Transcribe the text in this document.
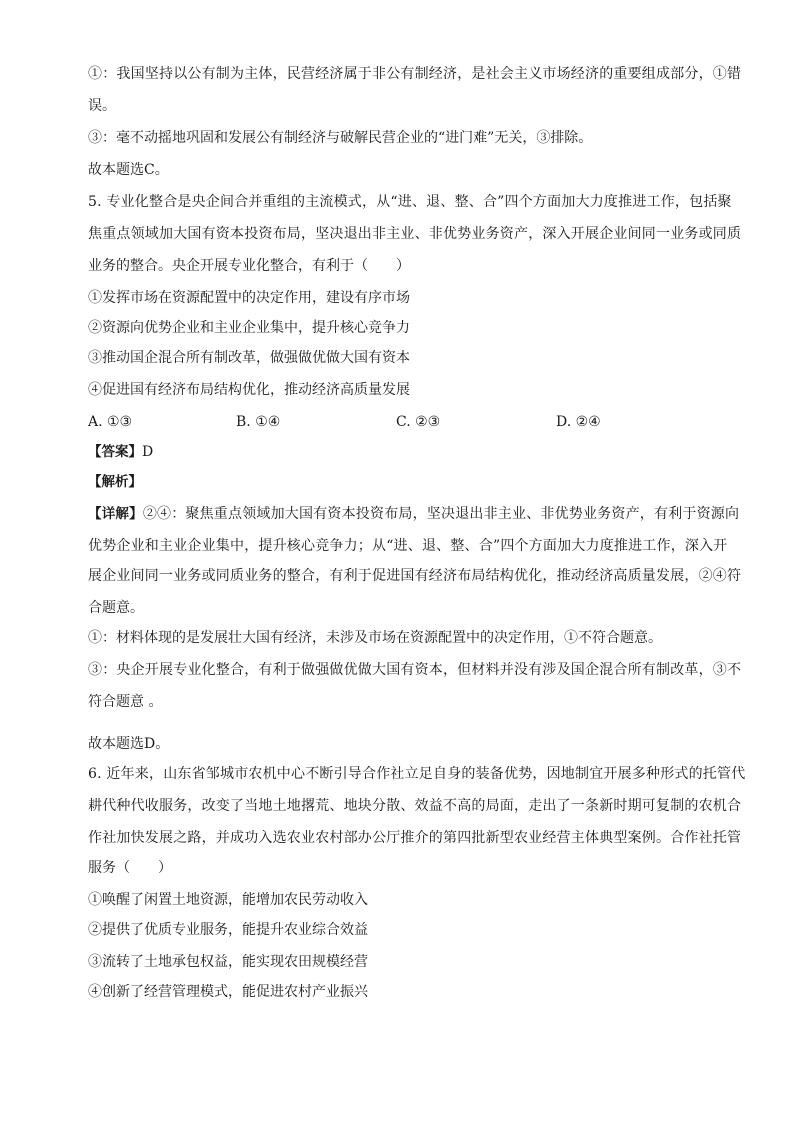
①：我国坚持以公有制为主体，民营经济属于非公有制经济，是社会主义市场经济的重要组成部分，①错
误。
③：毫不动摇地巩固和发展公有制经济与破解民营企业的“进门难”无关，③排除。
故本题选C。
5. 专业化整合是央企间合并重组的主流模式，从“进、退、整、合”四个方面加大力度推进工作，包括聚
焦重点领域加大国有资本投资布局，坚决退出非主业、非优势业务资产，深入开展企业间同一业务或同质
业务的整合。央企开展专业化整合，有利于（　　）
①发挥市场在资源配置中的决定作用，建设有序市场
②资源向优势企业和主业企业集中，提升核心竞争力
③推动国企混合所有制改革，做强做优做大国有资本
④促进国有经济布局结构优化，推动经济高质量发展
A. ①③	B. ①④	C. ②③	D. ②④
【答案】D
【解析】
【详解】②④：聚焦重点领域加大国有资本投资布局，坚决退出非主业、非优势业务资产，有利于资源向
优势企业和主业企业集中，提升核心竞争力；从“进、退、整、合”四个方面加大力度推进工作，深入开
展企业间同一业务或同质业务的整合，有利于促进国有经济布局结构优化，推动经济高质量发展，②④符
合题意。
①：材料体现的是发展壮大国有经济，未涉及市场在资源配置中的决定作用，①不符合题意。
③：央企开展专业化整合，有利于做强做优做大国有资本，但材料并没有涉及国企混合所有制改革，③不
符合题意 。
故本题选D。
6. 近年来，山东省邹城市农机中心不断引导合作社立足自身的装备优势，因地制宜开展多种形式的托管代
耕代种代收服务，改变了当地土地撂荒、地块分散、效益不高的局面，走出了一条新时期可复制的农机合
作社加快发展之路，并成功入选农业农村部办公厅推介的第四批新型农业经营主体典型案例。合作社托管
服务（　　）
①唤醒了闲置土地资源，能增加农民劳动收入
②提供了优质专业服务，能提升农业综合效益
③流转了土地承包权益，能实现农田规模经营
④创新了经营管理模式，能促进农村产业振兴
